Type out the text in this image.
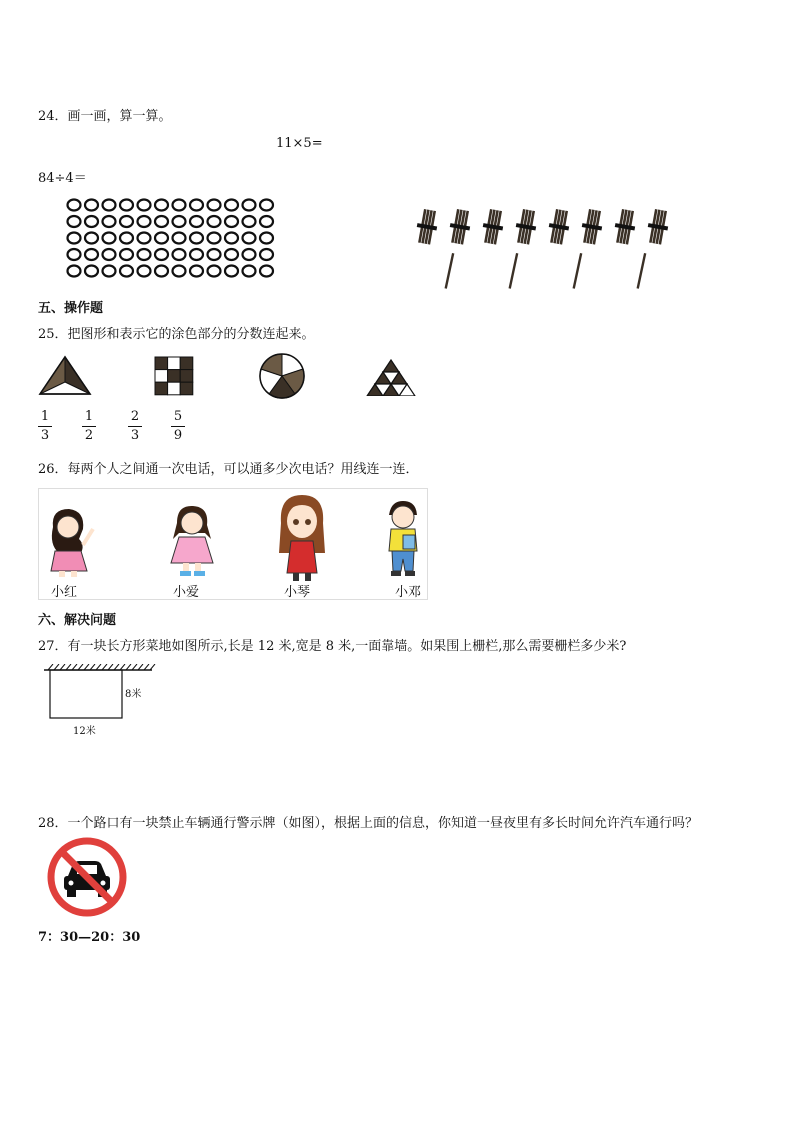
24．画一画，算一算。
11×5=
84÷4＝
五、操作题
25．把图形和表示它的涂色部分的分数连起来。
1
3
1
2
2
3
5
9
26．每两个人之间通一次电话，可以通多少次电话？用线连一连．
小红	小爱	小琴	小邓
六、解决问题
27．有一块长方形菜地如图所示,长是 12 米,宽是 8 米,一面靠墙。如果围上栅栏,那么需要栅栏多少米?
8米
12米
28．一个路口有一块禁止车辆通行警示牌（如图），根据上面的信息，你知道一昼夜里有多长时间允许汽车通行吗？
7：30—20：30
